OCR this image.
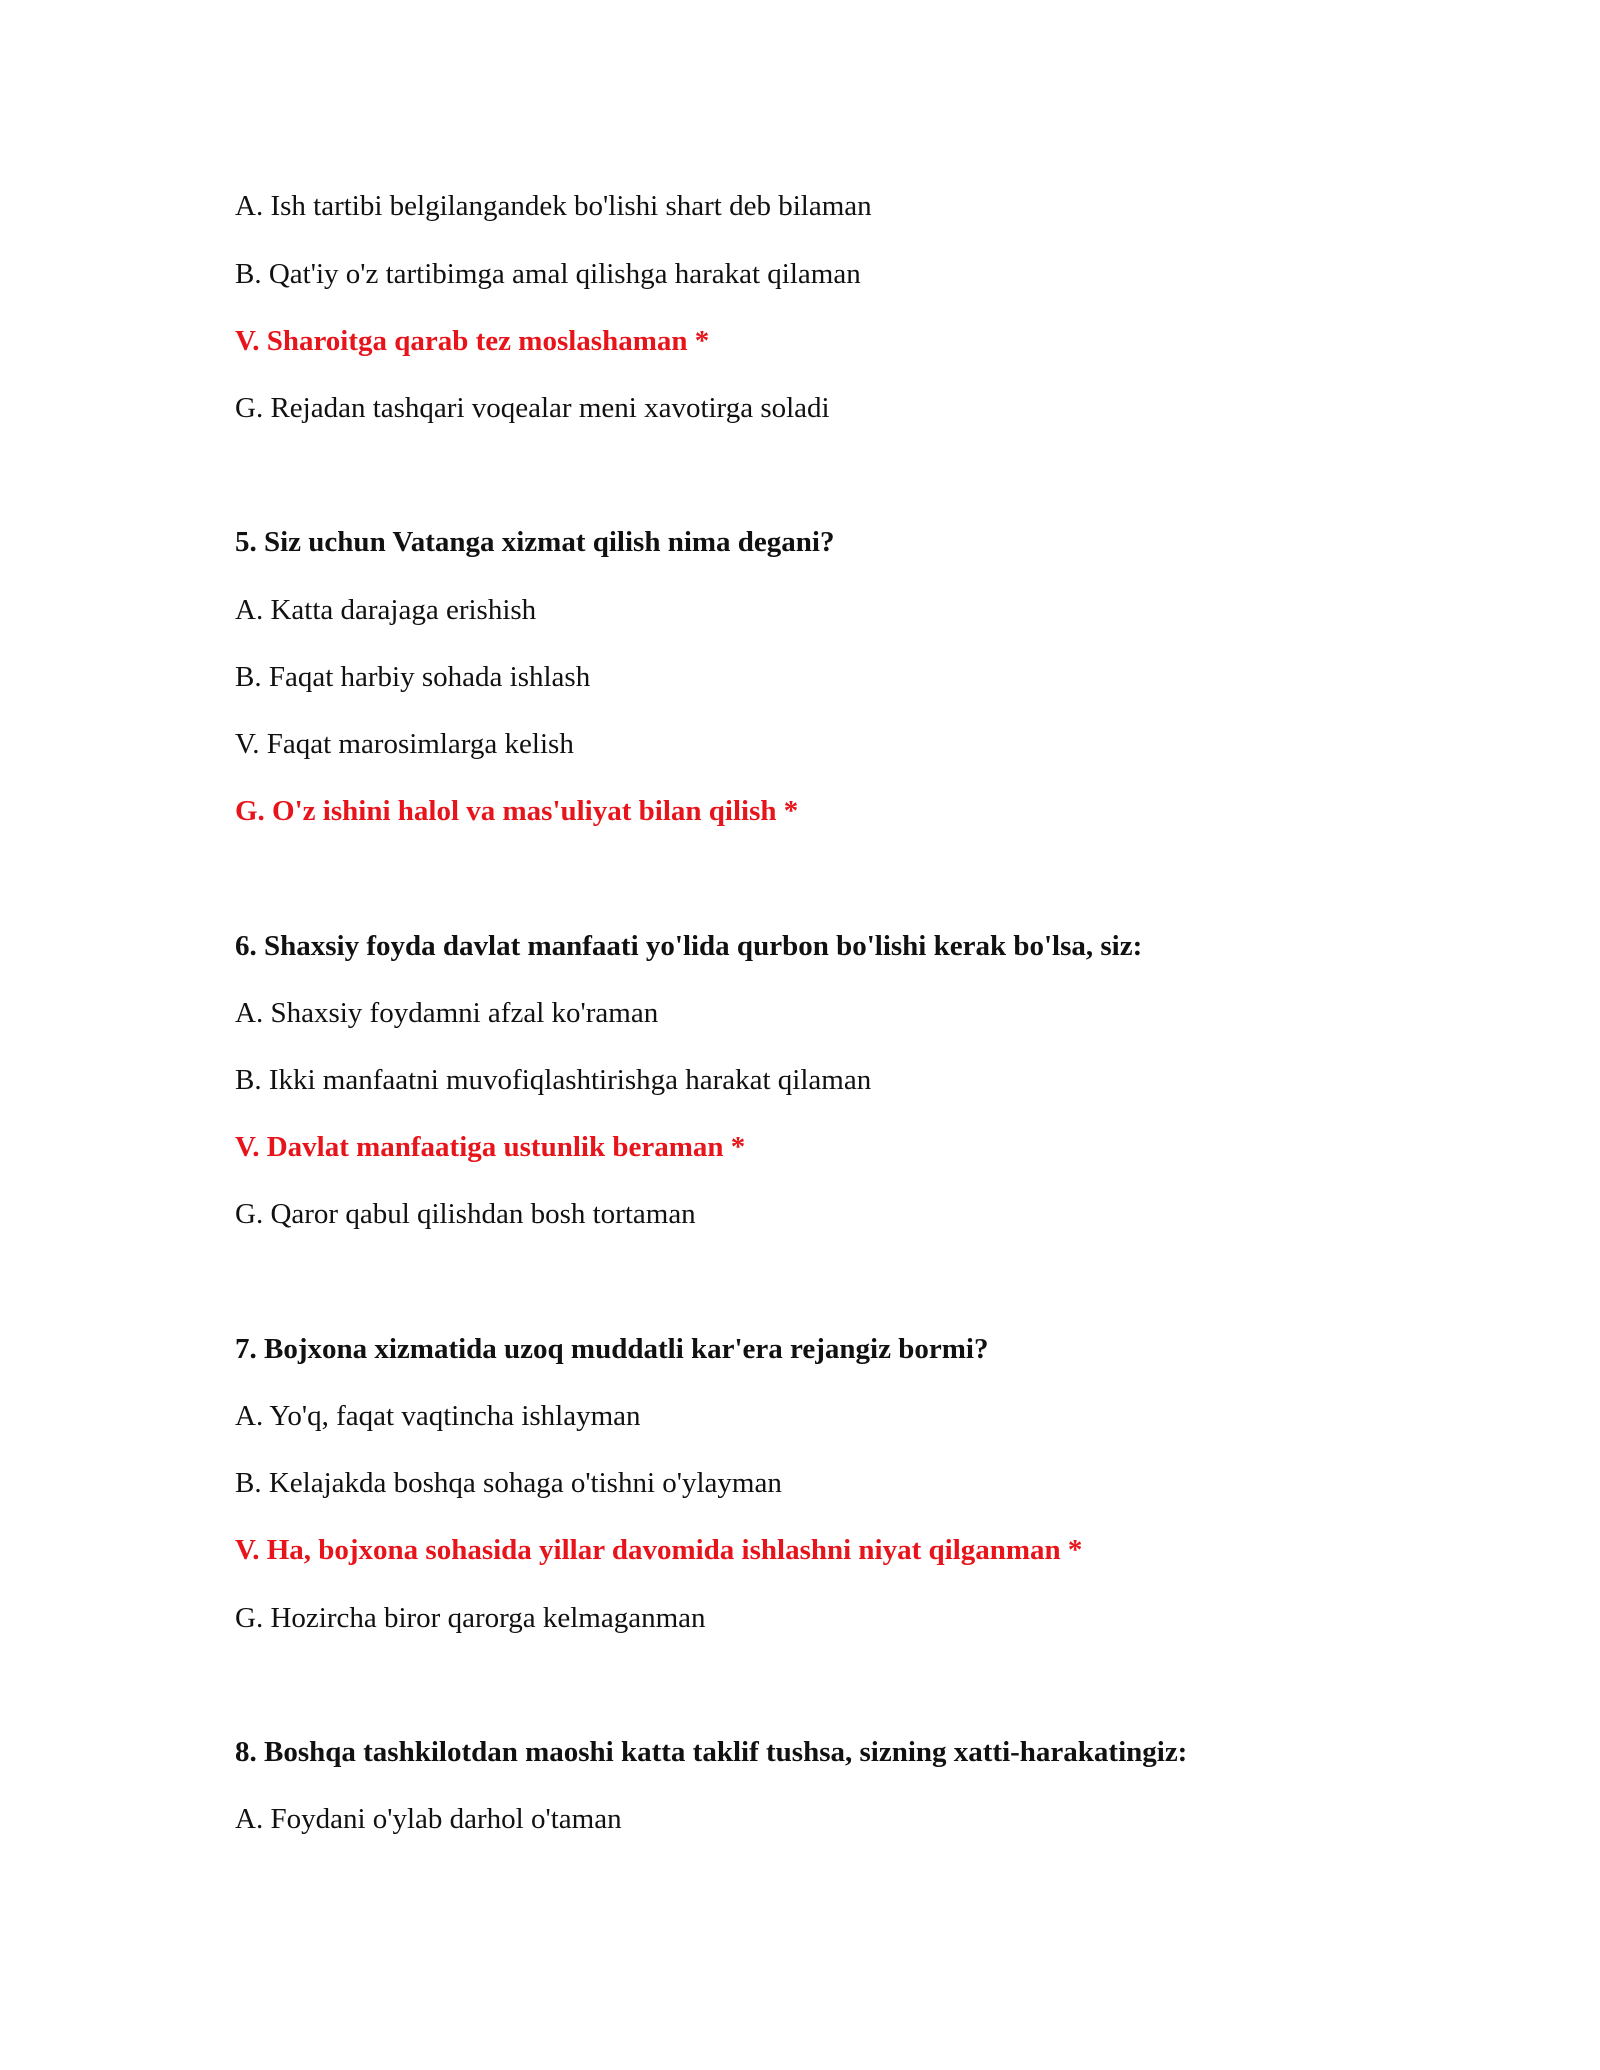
A. Ish tartibi belgilangandek bo'lishi shart deb bilaman
B. Qat'iy o'z tartibimga amal qilishga harakat qilaman
V. Sharoitga qarab tez moslashaman *
G. Rejadan tashqari voqealar meni xavotirga soladi
5. Siz uchun Vatanga xizmat qilish nima degani?
A. Katta darajaga erishish
B. Faqat harbiy sohada ishlash
V. Faqat marosimlarga kelish
G. O'z ishini halol va mas'uliyat bilan qilish *
6. Shaxsiy foyda davlat manfaati yo'lida qurbon bo'lishi kerak bo'lsa, siz:
A. Shaxsiy foydamni afzal ko'raman
B. Ikki manfaatni muvofiqlashtirishga harakat qilaman
V. Davlat manfaatiga ustunlik beraman *
G. Qaror qabul qilishdan bosh tortaman
7. Bojxona xizmatida uzoq muddatli kar'era rejangiz bormi?
A. Yo'q, faqat vaqtincha ishlayman
B. Kelajakda boshqa sohaga o'tishni o'ylayman
V. Ha, bojxona sohasida yillar davomida ishlashni niyat qilganman *
G. Hozircha biror qarorga kelmaganman
8. Boshqa tashkilotdan maoshi katta taklif tushsa, sizning xatti-harakatingiz:
A. Foydani o'ylab darhol o'taman
